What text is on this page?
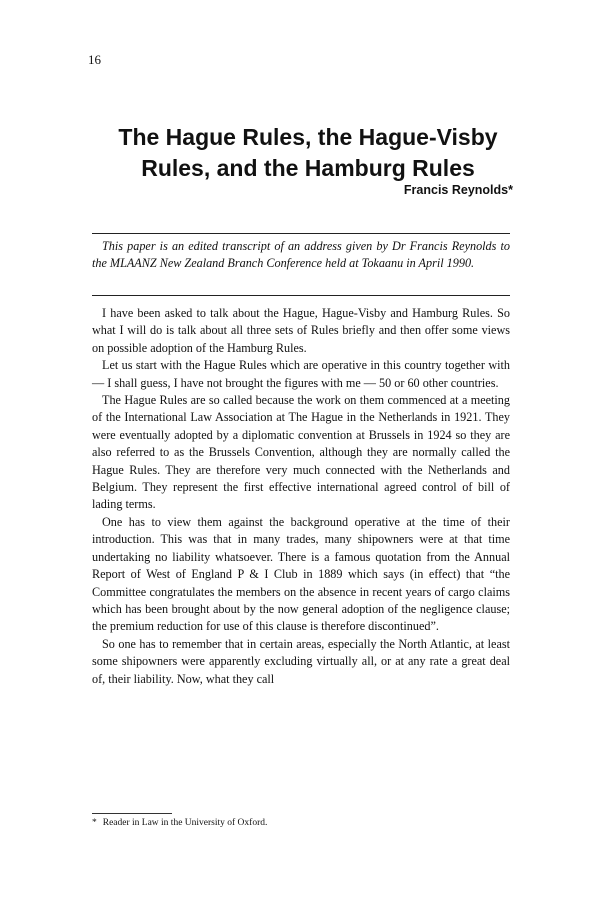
16
The Hague Rules, the Hague-Visby Rules, and the Hamburg Rules
Francis Reynolds*

This paper is an edited transcript of an address given by Dr Francis Reynolds to the MLAANZ New Zealand Branch Conference held at Tokaanu in April 1990.

I have been asked to talk about the Hague, Hague-Visby and Hamburg Rules. So what I will do is talk about all three sets of Rules briefly and then offer some views on possible adoption of the Hamburg Rules.

Let us start with the Hague Rules which are operative in this country together with — I shall guess, I have not brought the figures with me — 50 or 60 other countries.

The Hague Rules are so called because the work on them commenced at a meeting of the International Law Association at The Hague in the Netherlands in 1921. They were eventually adopted by a diplomatic convention at Brussels in 1924 so they are also referred to as the Brussels Convention, although they are normally called the Hague Rules. They are therefore very much connected with the Netherlands and Belgium. They represent the first effective international agreed control of bill of lading terms.

One has to view them against the background operative at the time of their introduction. This was that in many trades, many shipowners were at that time undertaking no liability whatsoever. There is a famous quotation from the Annual Report of West of England P & I Club in 1889 which says (in effect) that “the Committee congratulates the members on the absence in recent years of cargo claims which has been brought about by the now general adoption of the negligence clause; the premium reduction for use of this clause is therefore discontinued”.

So one has to remember that in certain areas, especially the North Atlantic, at least some shipowners were apparently excluding virtually all, or at any rate a great deal of, their liability. Now, what they call

* Reader in Law in the University of Oxford.
